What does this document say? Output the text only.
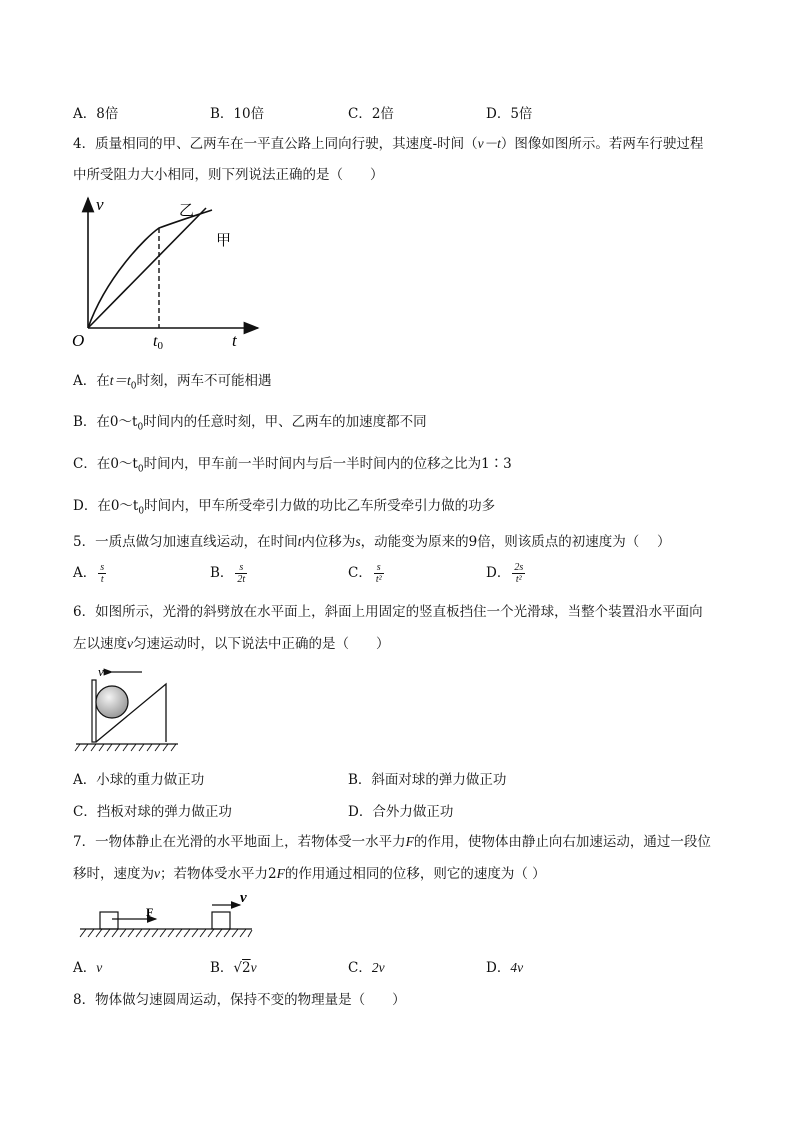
A．8倍	B．10倍	C．2倍	D．5倍
4．质量相同的甲、乙两车在一平直公路上同向行驶，其速度-时间（v－t）图像如图所示。若两车行驶过程中所受阻力大小相同，则下列说法正确的是（　　）
v
t
O	t0
乙
甲
A．在$t=t_0$时刻，两车不可能相遇
B．在$0\sim t_0$时间内的任意时刻，甲、乙两车的加速度都不同
C．在$0\sim t_0$时间内，甲车前一半时间内与后一半时间内的位移之比为1∶3
D．在$0\sim t_0$时间内，甲车所受牵引力做的功比乙车所受牵引力做的功多
5．一质点做匀加速直线运动，在时间t内位移为s，动能变为原来的9倍，则该质点的初速度为（　 ）
A． $\frac{s}{t}$	B． $\frac{s}{2t}$	C． $\frac{s}{\text{t²}}$	D． $\frac{2s}{\text{t²}}$
6．如图所示，光滑的斜劈放在水平面上，斜面上用固定的竖直板挡住一个光滑球，当整个装置沿水平面向左以速度v匀速运动时，以下说法中正确的是（　　）
v
A．小球的重力做正功	B．斜面对球的弹力做正功
C．挡板对球的弹力做正功	D．合外力做正功
7．一物体静止在光滑的水平地面上，若物体受一水平力F的作用，使物体由静止向右加速运动，通过一段位移时，速度为v；若物体受水平力2F的作用通过相同的位移，则它的速度为（ ）
F
v
A．v	B．√2v	C．2v	D．4v
8．物体做匀速圆周运动，保持不变的物理量是（　　）
